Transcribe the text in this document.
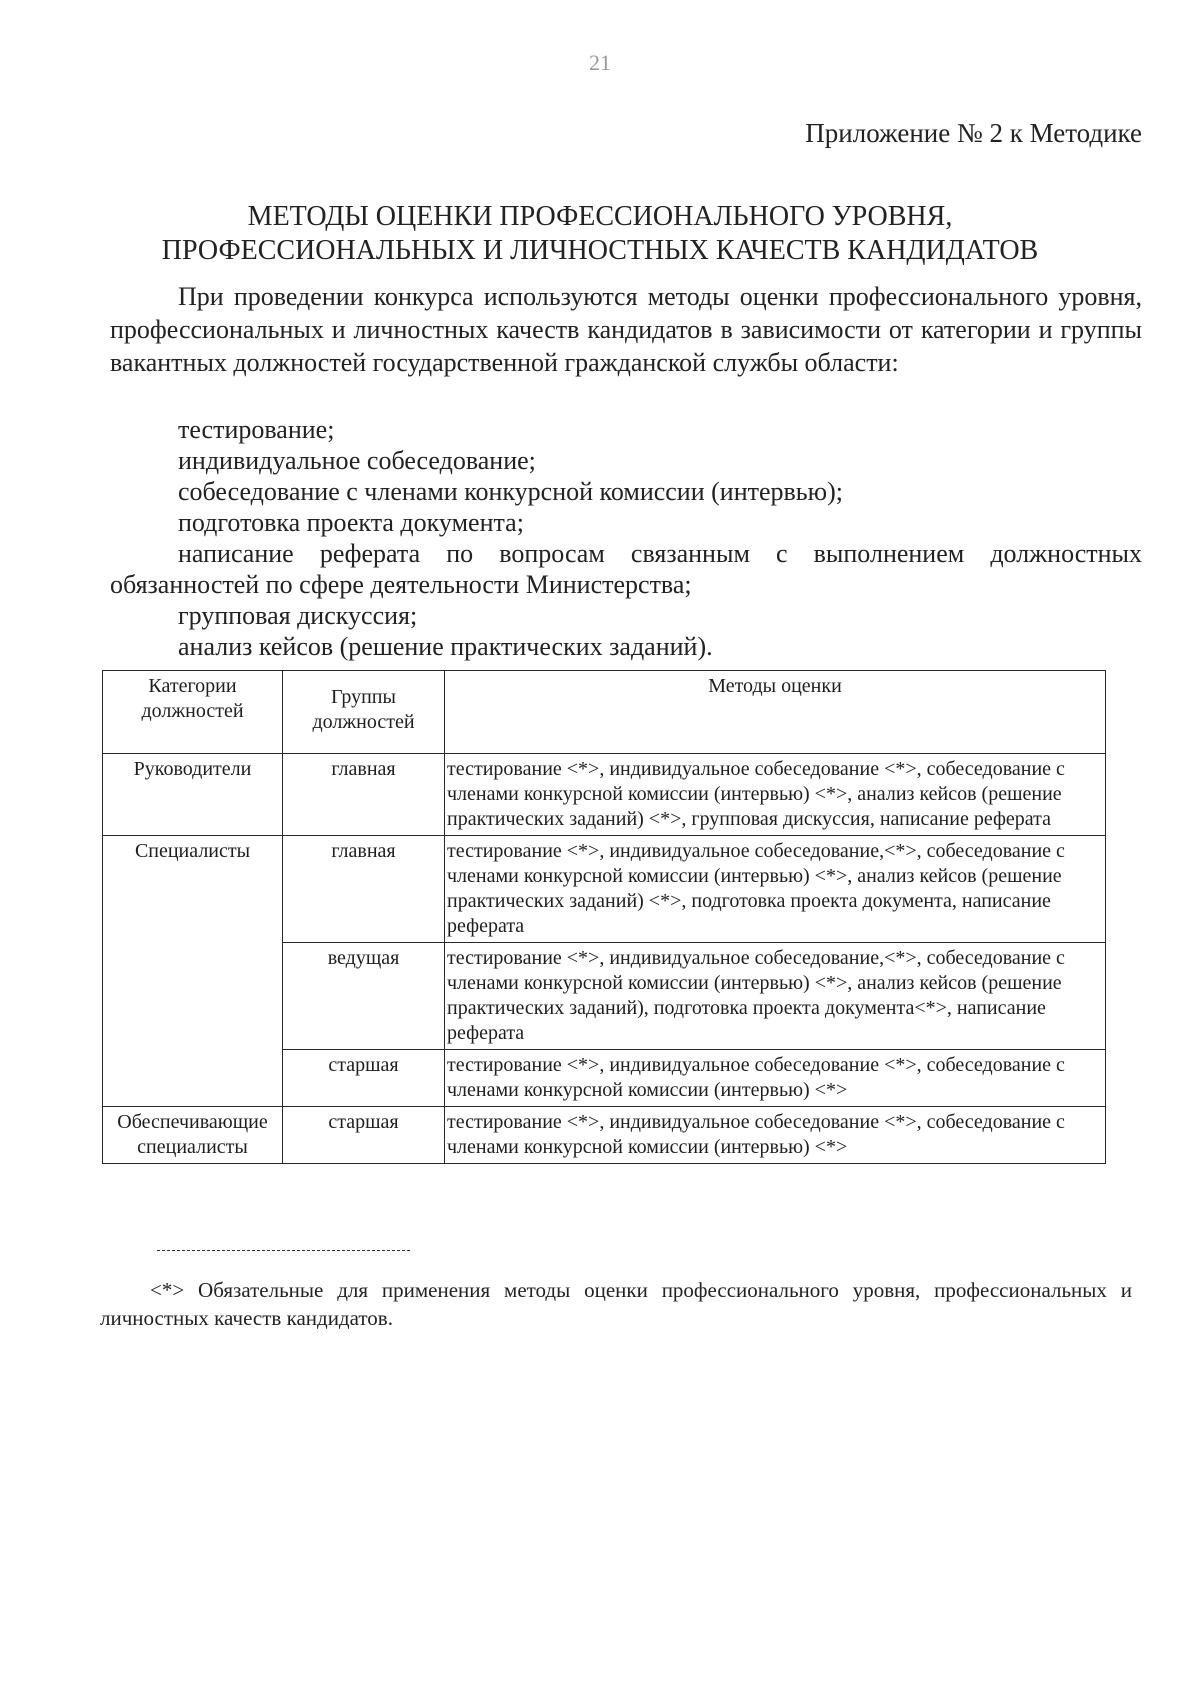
21
Приложение № 2 к Методике
МЕТОДЫ ОЦЕНКИ ПРОФЕССИОНАЛЬНОГО УРОВНЯ,
ПРОФЕССИОНАЛЬНЫХ И ЛИЧНОСТНЫХ КАЧЕСТВ КАНДИДАТОВ

При проведении конкурса используются методы оценки профессионального уровня, профессиональных и личностных качеств кандидатов в зависимости от категории и группы вакантных должностей государственной гражданской службы области:

тестирование;
индивидуальное собеседование;
собеседование с членами конкурсной комиссии (интервью);
подготовка проекта документа;
написание реферата по вопросам связанным с выполнением должностных обязанностей по сфере деятельности Министерства;
групповая дискуссия;
анализ кейсов (решение практических заданий).
Категории должностей	Группы должностей	Методы оценки
Руководители	главная	тестирование <*>, индивидуальное собеседование <*>, собеседование с членами конкурсной комиссии (интервью) <*>, анализ кейсов (решение практических заданий) <*>, групповая дискуссия, написание реферата
Специалисты	главная	тестирование <*>, индивидуальное собеседование,<*>, собеседование с членами конкурсной комиссии (интервью) <*>, анализ кейсов (решение практических заданий) <*>, подготовка проекта документа, написание реферата
	ведущая	тестирование <*>, индивидуальное собеседование,<*>, собеседование с членами конкурсной комиссии (интервью) <*>, анализ кейсов (решение практических заданий), подготовка проекта документа<*>, написание реферата
	старшая	тестирование <*>, индивидуальное собеседование <*>, собеседование с членами конкурсной комиссии (интервью) <*>
Обеспечивающие специалисты	старшая	тестирование <*>, индивидуальное собеседование <*>, собеседование с членами конкурсной комиссии (интервью) <*>

<*> Обязательные для применения методы оценки профессионального уровня, профессиональных и личностных качеств кандидатов.
